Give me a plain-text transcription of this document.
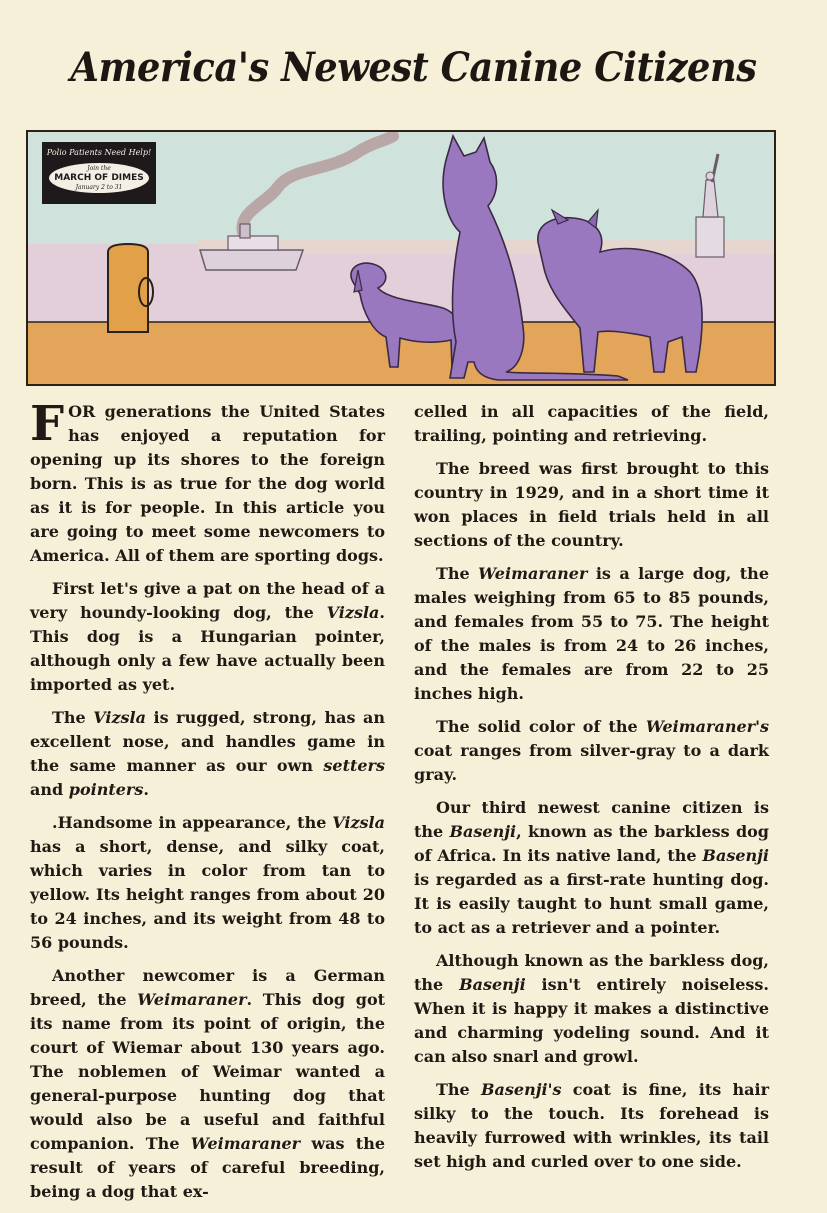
America's Newest Canine Citizens
Polio Patients Need Help!
Join the
MARCH OF DIMES
January 2 to 31

FOR generations the United States has enjoyed a reputation for opening up its shores to the foreign born. This is as true for the dog world as it is for people. In this article you are going to meet some newcomers to America. All of them are sporting dogs.

First let's give a pat on the head of a very houndy-looking dog, the Vizsla. This dog is a Hungarian pointer, although only a few have actually been imported as yet.

The Vizsla is rugged, strong, has an excellent nose, and handles game in the same manner as our own setters and pointers.

.Handsome in appearance, the Vizsla has a short, dense, and silky coat, which varies in color from tan to yellow. Its height ranges from about 20 to 24 inches, and its weight from 48 to 56 pounds.

Another newcomer is a German breed, the Weimaraner. This dog got its name from its point of origin, the court of Wiemar about 130 years ago. The noblemen of Weimar wanted a general-purpose hunting dog that would also be a useful and faithful companion. The Weimaraner was the result of years of careful breeding, being a dog that ex-

celled in all capacities of the field, trailing, pointing and retrieving.

The breed was first brought to this country in 1929, and in a short time it won places in field trials held in all sections of the country.

The Weimaraner is a large dog, the males weighing from 65 to 85 pounds, and females from 55 to 75. The height of the males is from 24 to 26 inches, and the females are from 22 to 25 inches high.

The solid color of the Weimaraner's coat ranges from silver-gray to a dark gray.

Our third newest canine citizen is the Basenji, known as the barkless dog of Africa. In its native land, the Basenji is regarded as a first-rate hunting dog. It is easily taught to hunt small game, to act as a retriever and a pointer.

Although known as the barkless dog, the Basenji isn't entirely noiseless. When it is happy it makes a distinctive and charming yodeling sound. And it can also snarl and growl.

The Basenji's coat is fine, its hair silky to the touch. Its forehead is heavily furrowed with wrinkles, its tail set high and curled over to one side.
